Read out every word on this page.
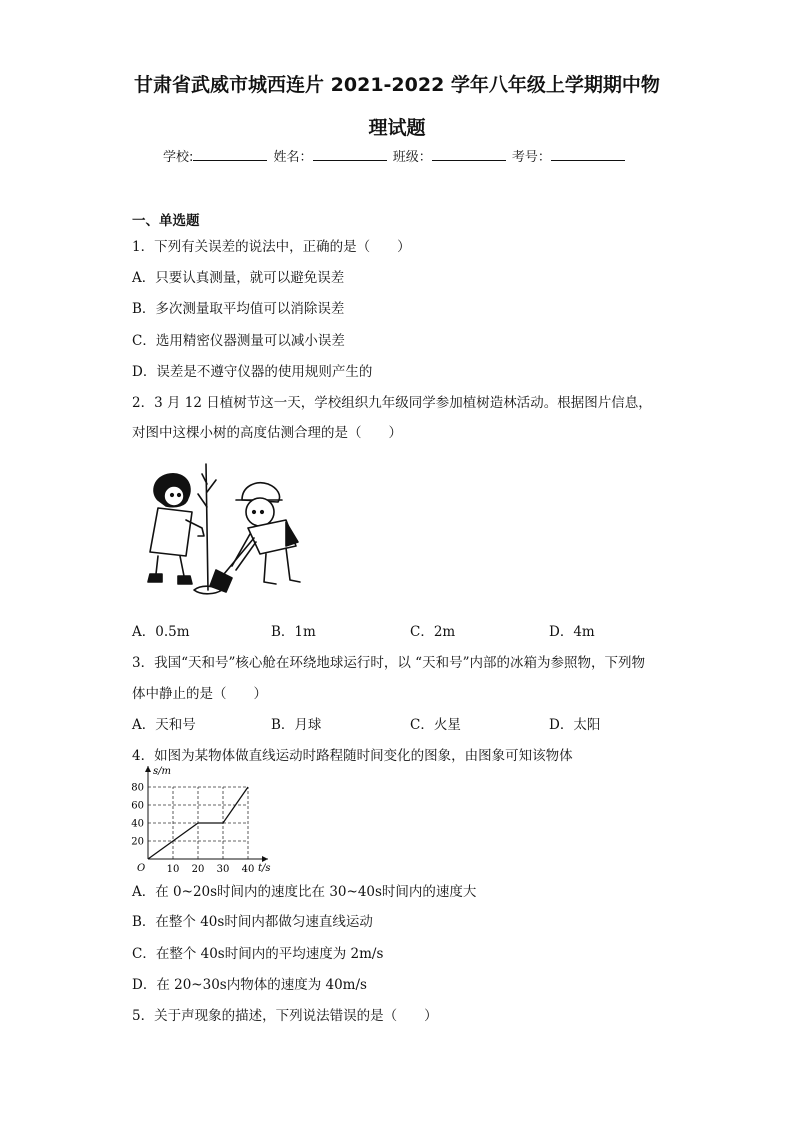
甘肃省武威市城西连片 2021-2022 学年八年级上学期期中物
理试题
学校:	姓名：	班级：	考号：
一、单选题
1．下列有关误差的说法中，正确的是（　　）
A．只要认真测量，就可以避免误差
B．多次测量取平均值可以消除误差
C．选用精密仪器测量可以减小误差
D．误差是不遵守仪器的使用规则产生的
2．3 月 12 日植树节这一天，学校组织九年级同学参加植树造林活动。根据图片信息，
对图中这棵小树的高度估测合理的是（　　）
A．0.5m	B．1m	C．2m	D．4m
3．我国“天和号”核心舱在环绕地球运行时，以 “天和号”内部的冰箱为参照物，下列物
体中静止的是（　　）
A．天和号	B．月球	C．火星	D．太阳
4．如图为某物体做直线运动时路程随时间变化的图象，由图象可知该物体
s/m
t/s
O 10 20 30 40
20
40
60
80
A．在 0~20s时间内的速度比在 30~40s时间内的速度大
B．在整个 40s时间内都做匀速直线运动
C．在整个 40s时间内的平均速度为 2m/s
D．在 20~30s内物体的速度为 40m/s
5．关于声现象的描述，下列说法错误的是（　　）
